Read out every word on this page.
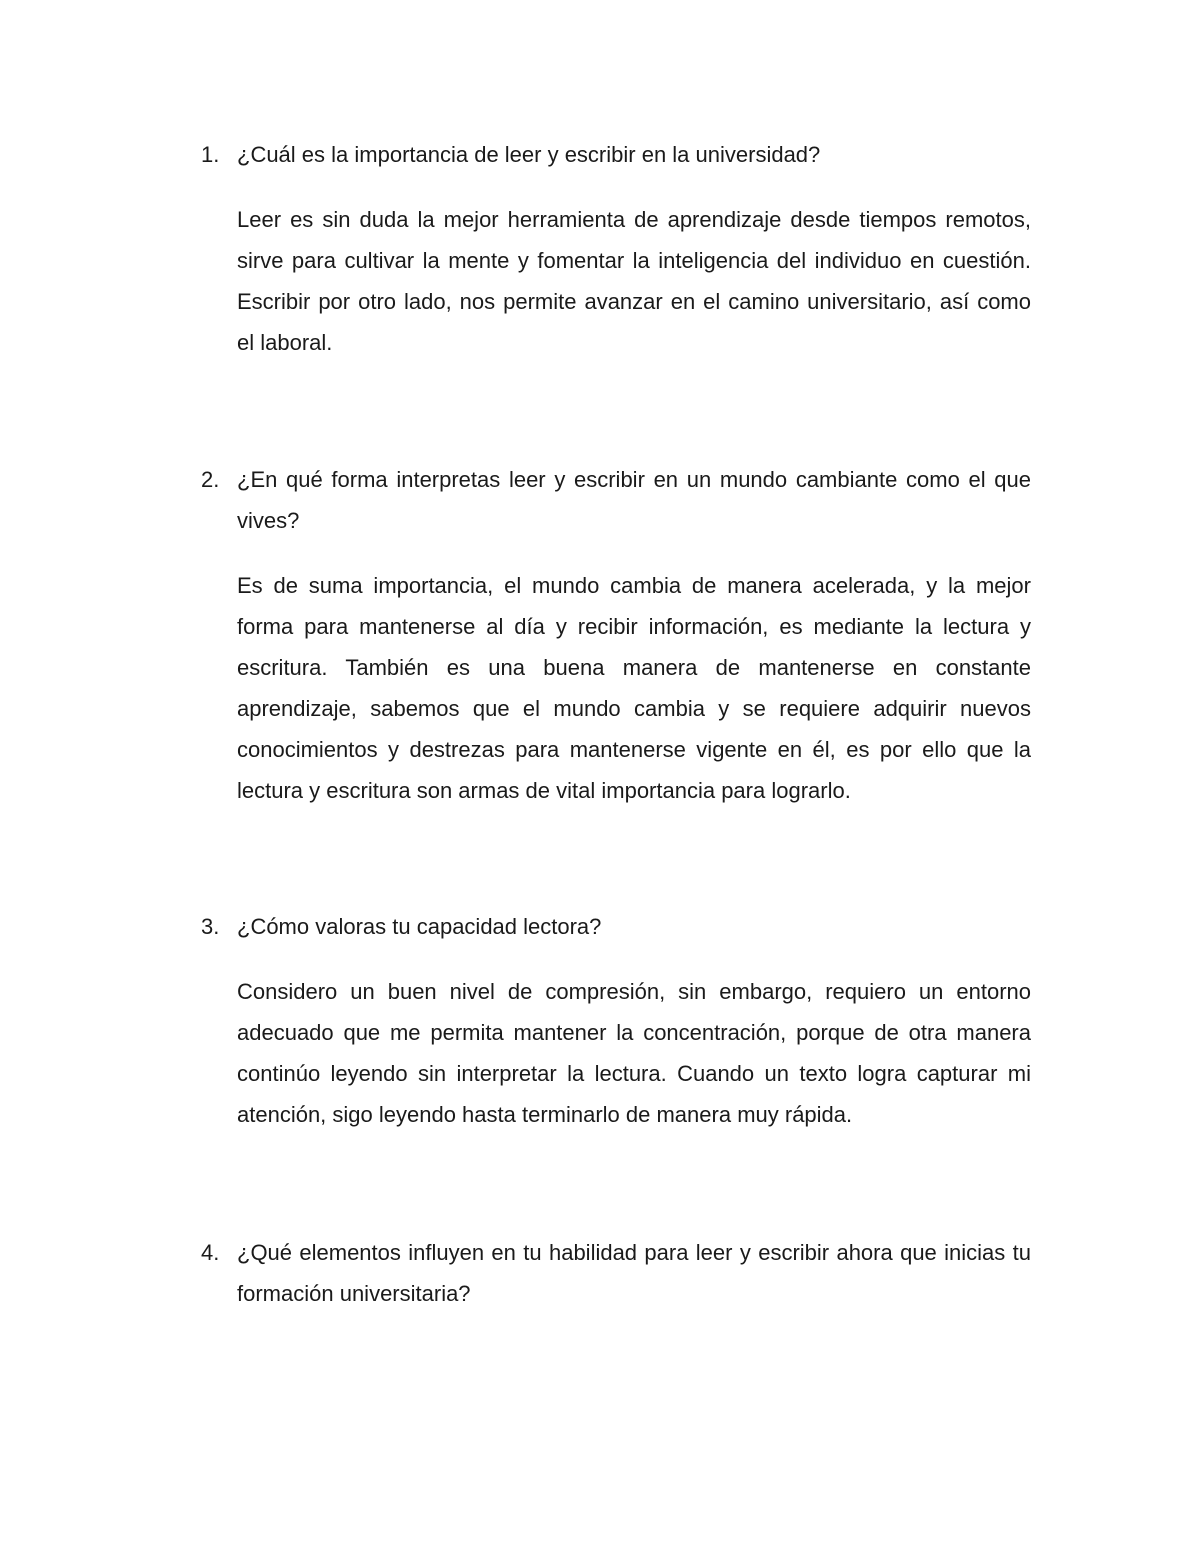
1. ¿Cuál es la importancia de leer y escribir en la universidad?

Leer es sin duda la mejor herramienta de aprendizaje desde tiempos remotos, sirve para cultivar la mente y fomentar la inteligencia del individuo en cuestión. Escribir por otro lado, nos permite avanzar en el camino universitario, así como el laboral.

2. ¿En qué forma interpretas leer y escribir en un mundo cambiante como el que vives?

Es de suma importancia, el mundo cambia de manera acelerada, y la mejor forma para mantenerse al día y recibir información, es mediante la lectura y escritura. También es una buena manera de mantenerse en constante aprendizaje, sabemos que el mundo cambia y se requiere adquirir nuevos conocimientos y destrezas para mantenerse vigente en él, es por ello que la lectura y escritura son armas de vital importancia para lograrlo.

3. ¿Cómo valoras tu capacidad lectora?

Considero un buen nivel de compresión, sin embargo, requiero un entorno adecuado que me permita mantener la concentración, porque de otra manera continúo leyendo sin interpretar la lectura. Cuando un texto logra capturar mi atención, sigo leyendo hasta terminarlo de manera muy rápida.

4. ¿Qué elementos influyen en tu habilidad para leer y escribir ahora que inicias tu formación universitaria?
